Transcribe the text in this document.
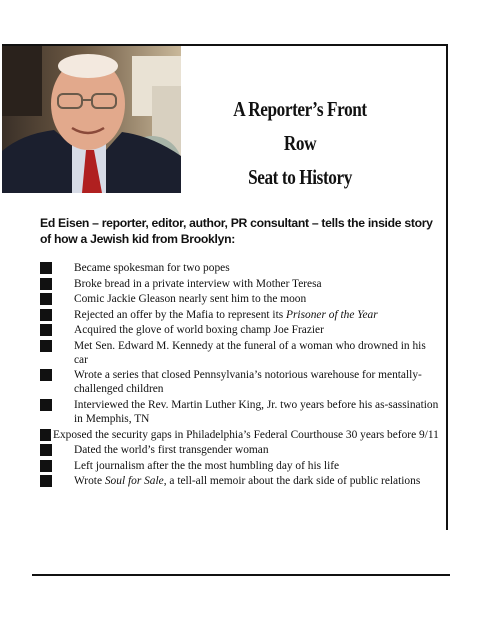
A Reporter’s Front Row
Seat to History
Ed Eisen – reporter, editor, author, PR consultant – tells the inside story of how a Jewish kid from Brooklyn:
Became spokesman for two popes
Broke bread in a private interview with Mother Teresa
Comic Jackie Gleason nearly sent him to the moon
Rejected an offer by the Mafia to represent its Prisoner of the Year
Acquired the glove of world boxing champ Joe Frazier
Met Sen. Edward M. Kennedy at the funeral of a woman who drowned in his car
Wrote a series that closed Pennsylvania’s notorious warehouse for mentally-challenged children
Interviewed the Rev. Martin Luther King, Jr. two years before his as-sassination in Memphis, TN
Exposed the security gaps in Philadelphia’s Federal Courthouse 30 years before 9/11
Dated the world’s first transgender woman
Left journalism after the the most humbling day of his life
Wrote Soul for Sale, a tell-all memoir about the dark side of public relations
